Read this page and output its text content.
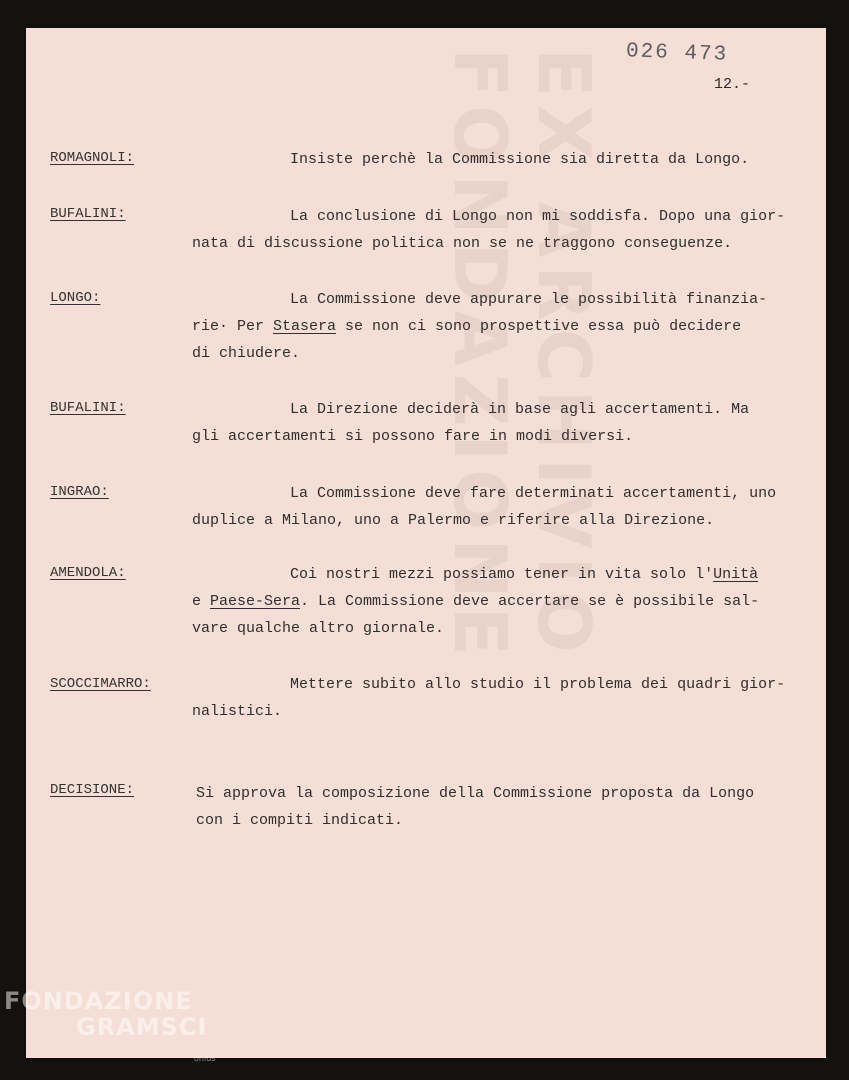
EX ARCHIVIO FONDAZIONE	026 473
12.-
ROMAGNOLI:	Insiste perchè la Commissione sia diretta da Longo.
BUFALINI:	La conclusione di Longo non mi soddisfa. Dopo una gior-
nata di discussione politica non se ne traggono conseguenze.
LONGO:	La Commissione deve appurare le possibilità finanzia-
rie· Per Stasera se non ci sono prospettive essa può decidere
di chiudere.
BUFALINI:	La Direzione deciderà in base agli accertamenti. Ma
gli accertamenti si possono fare in modi diversi.
INGRAO:	La Commissione deve fare determinati accertamenti, uno
duplice a Milano, uno a Palermo e riferire alla Direzione.
AMENDOLA:	Coi nostri mezzi possiamo tener in vita solo l'Unità
e Paese-Sera. La Commissione deve accertare se è possibile sal-
vare qualche altro giornale.
SCOCCIMARRO:	Mettere subito allo studio il problema dei quadri gior-
nalistici.
DECISIONE:	Si approva la composizione della Commissione proposta da Longo
con i compiti indicati.
FONDAZIONE
GRAMSCI
onlus
